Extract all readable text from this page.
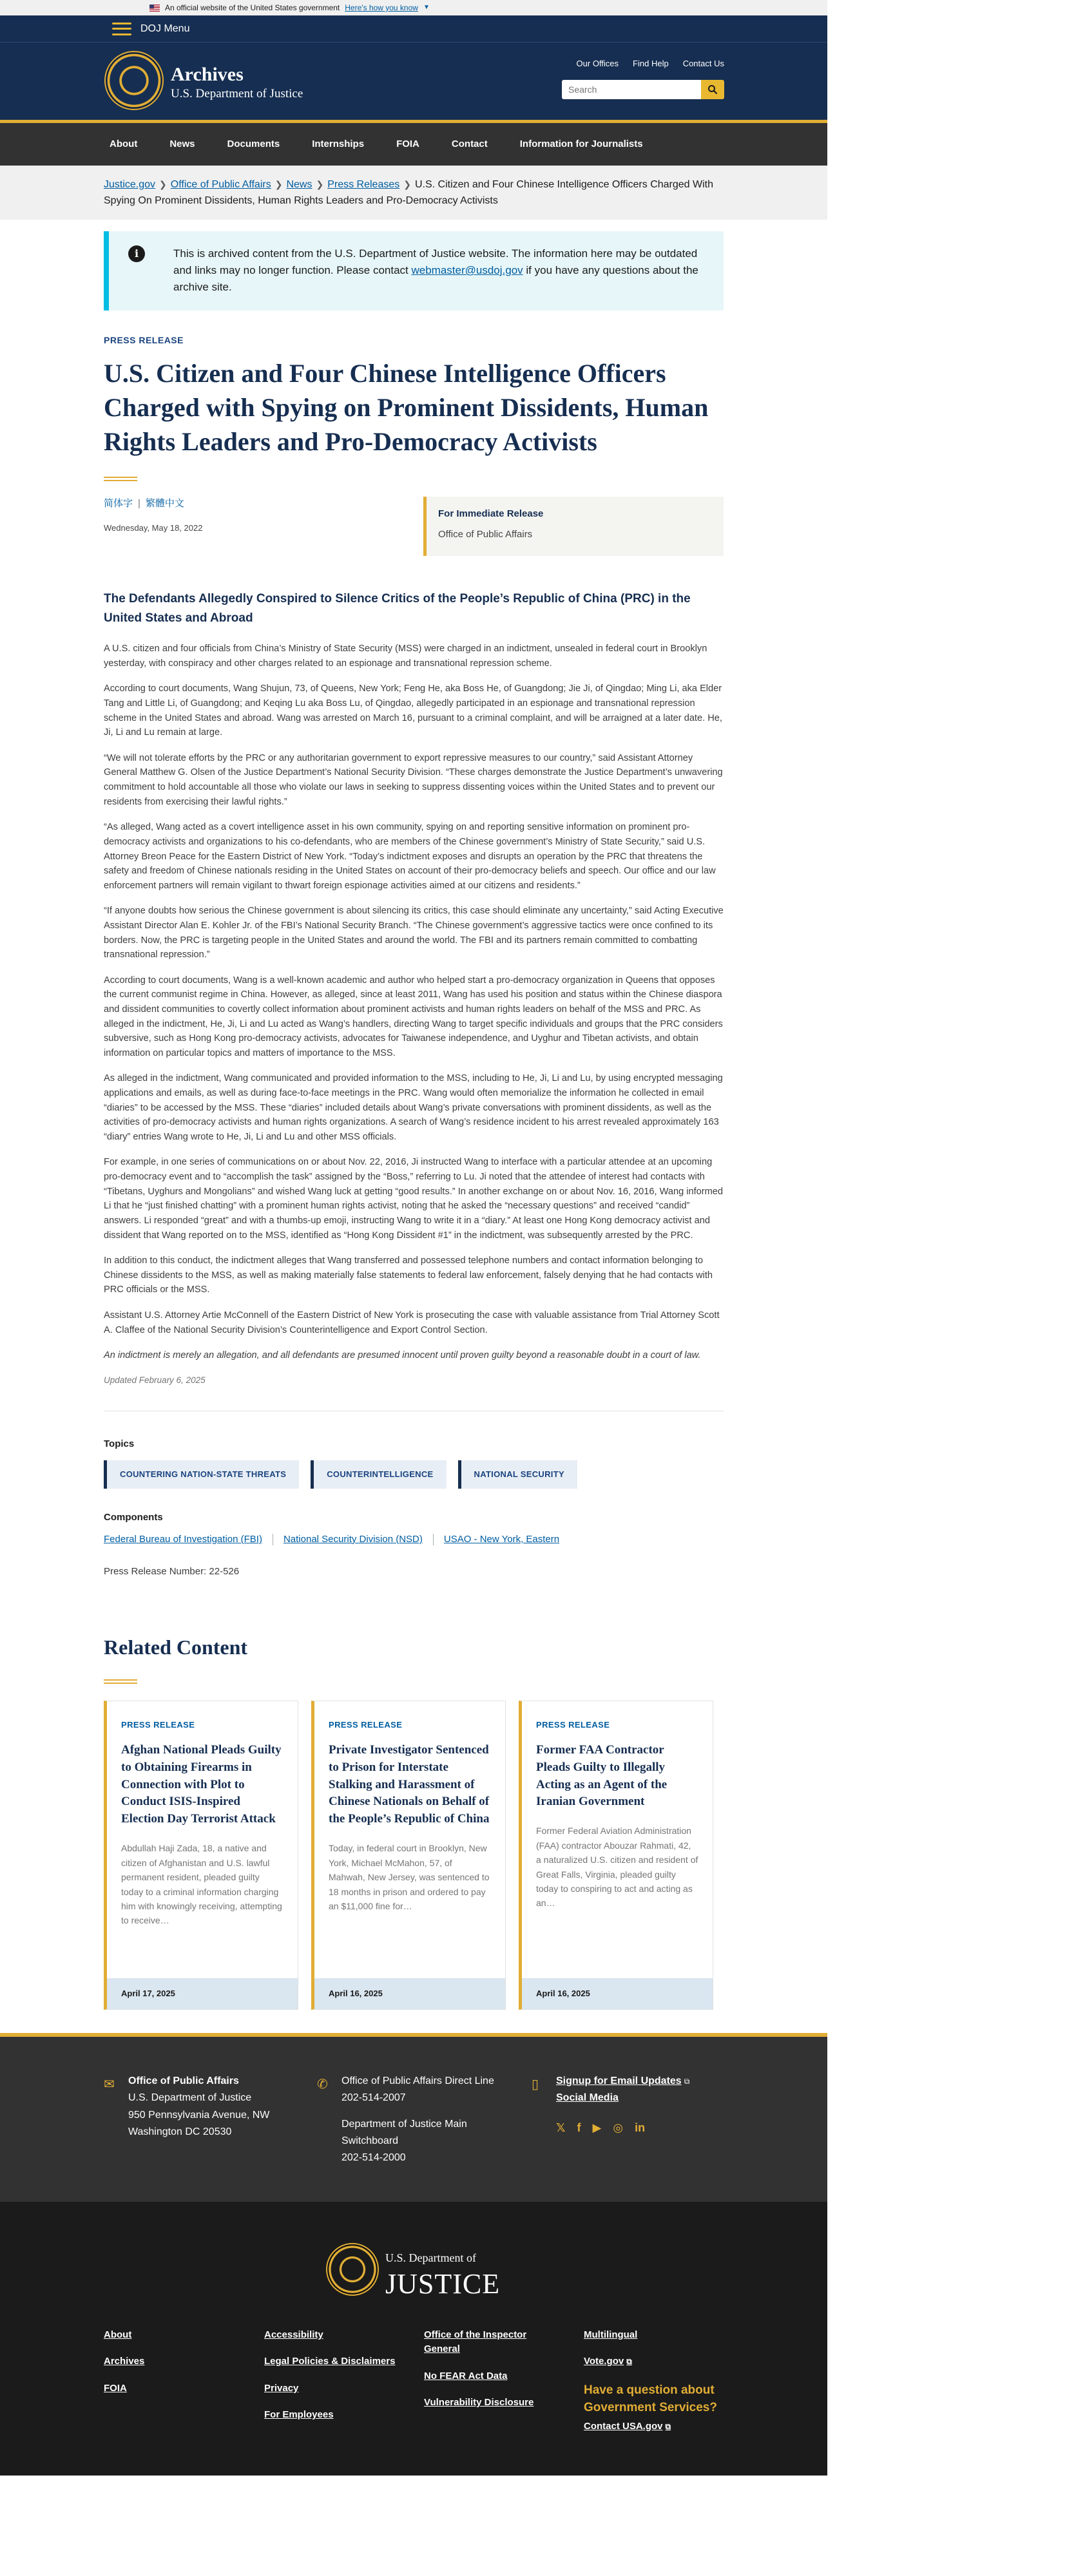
An official website of the United States government Here's how you know ▼
DOJ Menu
Archives
U.S. Department of Justice
Our Offices Find Help Contact Us
Search
About	News	Documents	Internships	FOIA	Contact	Information for Journalists
Justice.gov ❯ Office of Public Affairs ❯ News ❯ Press Releases ❯ U.S. Citizen and Four Chinese Intelligence Officers Charged With Spying On Prominent Dissidents, Human Rights Leaders and Pro-Democracy Activists
i	This is archived content from the U.S. Department of Justice website. The information here may be outdated and links may no longer function. Please contact webmaster@usdoj.gov if you have any questions about the archive site.
PRESS RELEASE
U.S. Citizen and Four Chinese Intelligence Officers Charged with Spying on Prominent Dissidents, Human Rights Leaders and Pro-Democracy Activists
简体字 | 繁體中文
Wednesday, May 18, 2022
For Immediate Release
Office of Public Affairs
The Defendants Allegedly Conspired to Silence Critics of the People’s Republic of China (PRC) in the United States and Abroad

A U.S. citizen and four officials from China’s Ministry of State Security (MSS) were charged in an indictment, unsealed in federal court in Brooklyn yesterday, with conspiracy and other charges related to an espionage and transnational repression scheme.

According to court documents, Wang Shujun, 73, of Queens, New York; Feng He, aka Boss He, of Guangdong; Jie Ji, of Qingdao; Ming Li, aka Elder Tang and Little Li, of Guangdong; and Keqing Lu aka Boss Lu, of Qingdao, allegedly participated in an espionage and transnational repression scheme in the United States and abroad. Wang was arrested on March 16, pursuant to a criminal complaint, and will be arraigned at a later date. He, Ji, Li and Lu remain at large.

“We will not tolerate efforts by the PRC or any authoritarian government to export repressive measures to our country,” said Assistant Attorney General Matthew G. Olsen of the Justice Department’s National Security Division. “These charges demonstrate the Justice Department’s unwavering commitment to hold accountable all those who violate our laws in seeking to suppress dissenting voices within the United States and to prevent our residents from exercising their lawful rights.”

“As alleged, Wang acted as a covert intelligence asset in his own community, spying on and reporting sensitive information on prominent pro-democracy activists and organizations to his co-defendants, who are members of the Chinese government’s Ministry of State Security,” said U.S. Attorney Breon Peace for the Eastern District of New York. “Today’s indictment exposes and disrupts an operation by the PRC that threatens the safety and freedom of Chinese nationals residing in the United States on account of their pro-democracy beliefs and speech. Our office and our law enforcement partners will remain vigilant to thwart foreign espionage activities aimed at our citizens and residents.”

“If anyone doubts how serious the Chinese government is about silencing its critics, this case should eliminate any uncertainty,” said Acting Executive Assistant Director Alan E. Kohler Jr. of the FBI’s National Security Branch. “The Chinese government’s aggressive tactics were once confined to its borders. Now, the PRC is targeting people in the United States and around the world. The FBI and its partners remain committed to combatting transnational repression.”

According to court documents, Wang is a well-known academic and author who helped start a pro-democracy organization in Queens that opposes the current communist regime in China. However, as alleged, since at least 2011, Wang has used his position and status within the Chinese diaspora and dissident communities to covertly collect information about prominent activists and human rights leaders on behalf of the MSS and PRC. As alleged in the indictment, He, Ji, Li and Lu acted as Wang’s handlers, directing Wang to target specific individuals and groups that the PRC considers subversive, such as Hong Kong pro-democracy activists, advocates for Taiwanese independence, and Uyghur and Tibetan activists, and obtain information on particular topics and matters of importance to the MSS.

As alleged in the indictment, Wang communicated and provided information to the MSS, including to He, Ji, Li and Lu, by using encrypted messaging applications and emails, as well as during face-to-face meetings in the PRC. Wang would often memorialize the information he collected in email “diaries” to be accessed by the MSS. These “diaries” included details about Wang’s private conversations with prominent dissidents, as well as the activities of pro-democracy activists and human rights organizations. A search of Wang’s residence incident to his arrest revealed approximately 163 “diary” entries Wang wrote to He, Ji, Li and Lu and other MSS officials.

For example, in one series of communications on or about Nov. 22, 2016, Ji instructed Wang to interface with a particular attendee at an upcoming pro-democracy event and to “accomplish the task” assigned by the “Boss,” referring to Lu. Ji noted that the attendee of interest had contacts with “Tibetans, Uyghurs and Mongolians” and wished Wang luck at getting “good results.” In another exchange on or about Nov. 16, 2016, Wang informed Li that he “just finished chatting” with a prominent human rights activist, noting that he asked the “necessary questions” and received “candid” answers. Li responded “great” and with a thumbs-up emoji, instructing Wang to write it in a “diary.” At least one Hong Kong democracy activist and dissident that Wang reported on to the MSS, identified as “Hong Kong Dissident #1” in the indictment, was subsequently arrested by the PRC.

In addition to this conduct, the indictment alleges that Wang transferred and possessed telephone numbers and contact information belonging to Chinese dissidents to the MSS, as well as making materially false statements to federal law enforcement, falsely denying that he had contacts with PRC officials or the MSS.

Assistant U.S. Attorney Artie McConnell of the Eastern District of New York is prosecuting the case with valuable assistance from Trial Attorney Scott A. Claffee of the National Security Division’s Counterintelligence and Export Control Section.

An indictment is merely an allegation, and all defendants are presumed innocent until proven guilty beyond a reasonable doubt in a court of law.

Updated February 6, 2025
Topics
COUNTERING NATION-STATE THREATS	COUNTERINTELLIGENCE	NATIONAL SECURITY
Components
Federal Bureau of Investigation (FBI) National Security Division (NSD) USAO - New York, Eastern
Press Release Number: 22-526
Related Content
PRESS RELEASE
Afghan National Pleads Guilty to Obtaining Firearms in Connection with Plot to Conduct ISIS-Inspired Election Day Terrorist Attack
Abdullah Haji Zada, 18, a native and citizen of Afghanistan and U.S. lawful permanent resident, pleaded guilty today to a criminal information charging him with knowingly receiving, attempting to receive…
April 17, 2025
PRESS RELEASE
Private Investigator Sentenced to Prison for Interstate Stalking and Harassment of Chinese Nationals on Behalf of the People’s Republic of China
Today, in federal court in Brooklyn, New York, Michael McMahon, 57, of Mahwah, New Jersey, was sentenced to 18 months in prison and ordered to pay an $11,000 fine for…
April 16, 2025
PRESS RELEASE
Former FAA Contractor Pleads Guilty to Illegally Acting as an Agent of the Iranian Government
Former Federal Aviation Administration (FAA) contractor Abouzar Rahmati, 42, a naturalized U.S. citizen and resident of Great Falls, Virginia, pleaded guilty today to conspiring to act and acting as an…
April 16, 2025
✉ Office of Public Affairs
U.S. Department of Justice
950 Pennsylvania Avenue, NW
Washington DC 20530
✆ Office of Public Affairs Direct Line
202-514-2007
Department of Justice Main
Switchboard
202-514-2000
▯ Signup for Email Updates ⧉
Social Media
𝕏 f ▶ ◎ in
U.S. Department of
JUSTICE
About
Archives
FOIA
Accessibility
Legal Policies & Disclaimers
Privacy
For Employees
Office of the Inspector General
No FEAR Act Data
Vulnerability Disclosure
Multilingual
Vote.gov ⧉
Have a question about Government Services?
Contact USA.gov ⧉
